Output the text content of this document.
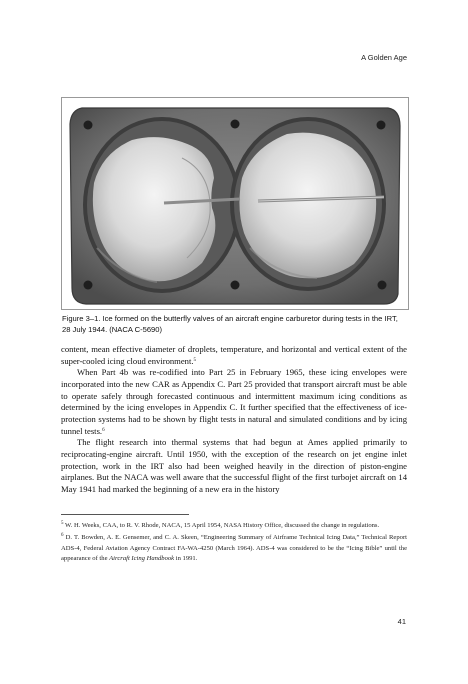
A Golden Age
Figure 3–1. Ice formed on the butterfly valves of an aircraft engine carburetor during tests in the IRT, 28 July 1944. (NACA C-5690)

content, mean effective diameter of droplets, temperature, and horizontal and vertical extent of the super-cooled icing cloud environment.$^5$

When Part 4b was re-codified into Part 25 in February 1965, these icing envelopes were incorporated into the new CAR as Appendix C. Part 25 provided that transport aircraft must be able to operate safely through forecasted continuous and intermittent maximum icing conditions as determined by the icing envelopes in Appendix C. It further specified that the effectiveness of ice-protection systems had to be shown by flight tests in natural and simulated conditions and by icing tunnel tests.$^6$

The flight research into thermal systems that had begun at Ames applied primarily to reciprocating-engine aircraft. Until 1950, with the exception of the research on jet engine inlet protection, work in the IRT also had been weighed heavily in the direction of piston-engine airplanes. But the NACA was well aware that the successful flight of the first turbojet aircraft on 14 May 1941 had marked the beginning of a new era in the history

$^5$ W. H. Weeks, CAA, to R. V. Rhode, NACA, 15 April 1954, NASA History Office, discussed the change in regulations.

$^6$ D. T. Bowden, A. E. Gensemer, and C. A. Skeen, “Engineering Summary of Airframe Technical Icing Data,” Technical Report ADS-4, Federal Aviation Agency Contract FA-WA-4250 (March 1964). ADS-4 was considered to be the “Icing Bible” until the appearance of the Aircraft Icing Handbook in 1991.

41
